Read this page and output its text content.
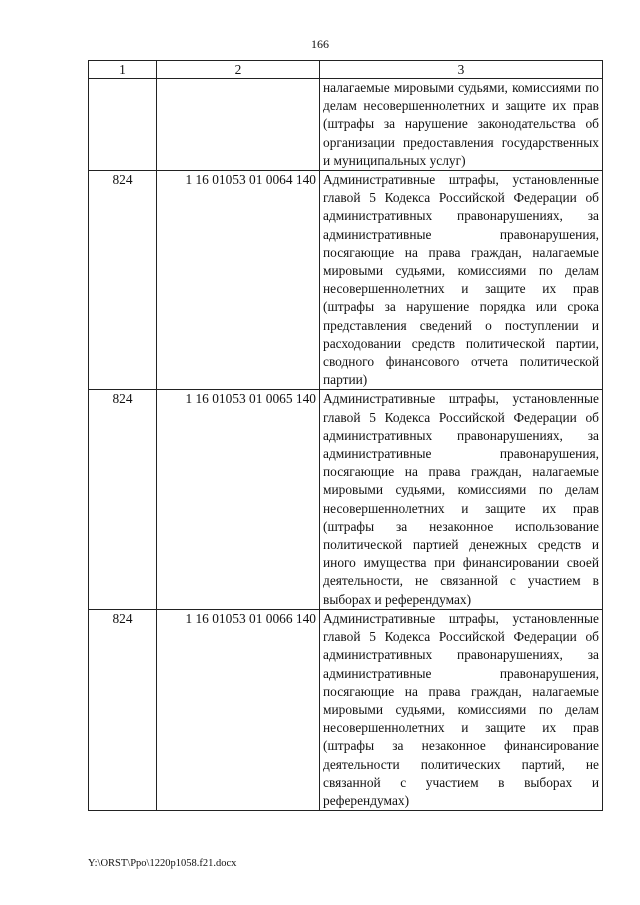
166
1	2	3
		налагаемые мировыми судьями, комиссиями по делам несовершеннолетних и защите их прав (штрафы за нарушение законодательства об организации предоставления государственных и муниципальных услуг)
824	1 16 01053 01 0064 140	Административные штрафы, установленные главой 5 Кодекса Российской Федерации об административных правонарушениях, за административные правонарушения, посягающие на права граждан, налагаемые мировыми судьями, комиссиями по делам несовершеннолетних и защите их прав (штрафы за нарушение порядка или срока представления сведений о поступлении и расходовании средств политической партии, сводного финансового отчета политической партии)
824	1 16 01053 01 0065 140	Административные штрафы, установленные главой 5 Кодекса Российской Федерации об административных правонарушениях, за административные правонарушения, посягающие на права граждан, налагаемые мировыми судьями, комиссиями по делам несовершеннолетних и защите их прав (штрафы за незаконное использование политической партией денежных средств и иного имущества при финансировании своей деятельности, не связанной с участием в выборах и референдумах)
824	1 16 01053 01 0066 140	Административные штрафы, установленные главой 5 Кодекса Российской Федерации об административных правонарушениях, за административные правонарушения, посягающие на права граждан, налагаемые мировыми судьями, комиссиями по делам несовершеннолетних и защите их прав (штрафы за незаконное финансирование деятельности политических партий, не связанной с участием в выборах и референдумах)
Y:\ORST\Ppo\1220p1058.f21.docx
